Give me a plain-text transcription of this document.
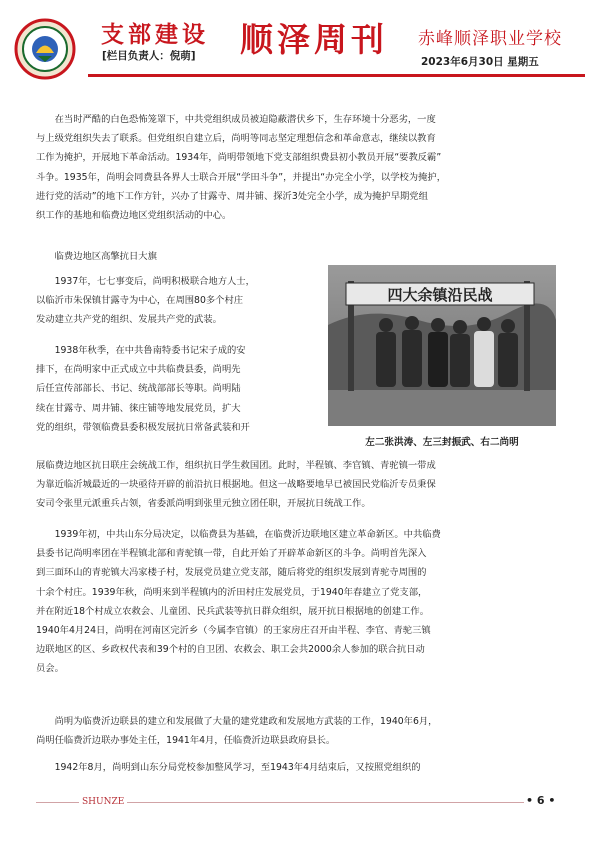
支部建设
[栏目负责人：倪萌] 顺泽周刊 赤峰顺泽职业学校
2023年6月30日 星期五
在当时严酷的白色恐怖笼罩下，中共党组织成员被迫隐蔽潜伏乡下，生存环境十分恶劣，一度
与上级党组织失去了联系。但党组织自建立后，尚明等同志坚定理想信念和革命意志，继续以教育
工作为掩护，开展地下革命活动。1934年，尚明带领地下党支部组织费县初小教员开展“要教反霸”
斗争。1935年，尚明会同费县各界人士联合开展“学田斗争”，并提出“办完全小学，以学校为掩护，
进行党的活动”的地下工作方针，兴办了甘露寺、周井铺、探沂3处完全小学，成为掩护早期党组
织工作的基地和临费边地区党组织活动的中心。
临费边地区高擎抗日大旗
1937年，七七事变后，尚明积极联合地方人士，
以临沂市朱保镇甘露寺为中心，在周围80多个村庄
发动建立共产党的组织、发展共产党的武装。
1938年秋季，在中共鲁南特委书记宋子成的安
排下，在尚明家中正式成立中共临费县委，尚明先
后任宣传部部长、书记、统战部部长等职。尚明陆
续在甘露寺、周井铺、徕庄铺等地发展党员，扩大
党的组织，带领临费县委积极发展抗日常备武装和开
四大余镇沿民战
左二张洪涛、左三封振武、右二尚明
展临费边地区抗日联庄会统战工作，组织抗日学生救国团。此时，半程镇、李官镇、青驼镇一带成
为靠近临沂城最近的一块亟待开辟的前沿抗日根据地。但这一战略要地早已被国民党临沂专员秉保
安司令张里元派重兵占领，省委派尚明到张里元独立团任职，开展抗日统战工作。
1939年初，中共山东分局决定，以临费县为基础，在临费沂边联地区建立革命新区。中共临费
县委书记尚明率团在半程镇北部和青驼镇一带，自此开始了开辟革命新区的斗争。尚明首先深入
到三面环山的青驼镇大冯家楼子村，发展党员建立党支部，随后将党的组织发展到青驼寺周围的
十余个村庄。1939年秋，尚明来到半程镇内的沂田村庄发展党员，于1940年春建立了党支部，
并在附近18个村成立农救会、儿童团、民兵武装等抗日群众组织，展开抗日根据地的创建工作。
1940年4月24日，尚明在河南区完沂乡（今属李官镇）的王家房庄召开由半程、李官、青驼三镇
边联地区的区、乡政权代表和39个村的自卫团、农救会、职工会共2000余人参加的联合抗日动
员会。
尚明为临费沂边联县的建立和发展做了大量的建党建政和发展地方武装的工作，1940年6月，
尚明任临费沂边联办事处主任，1941年4月，任临费沂边联县政府县长。
1942年8月，尚明到山东分局党校参加整风学习，至1943年4月结束后，又按照党组织的
SHUNZE	• 6 •
